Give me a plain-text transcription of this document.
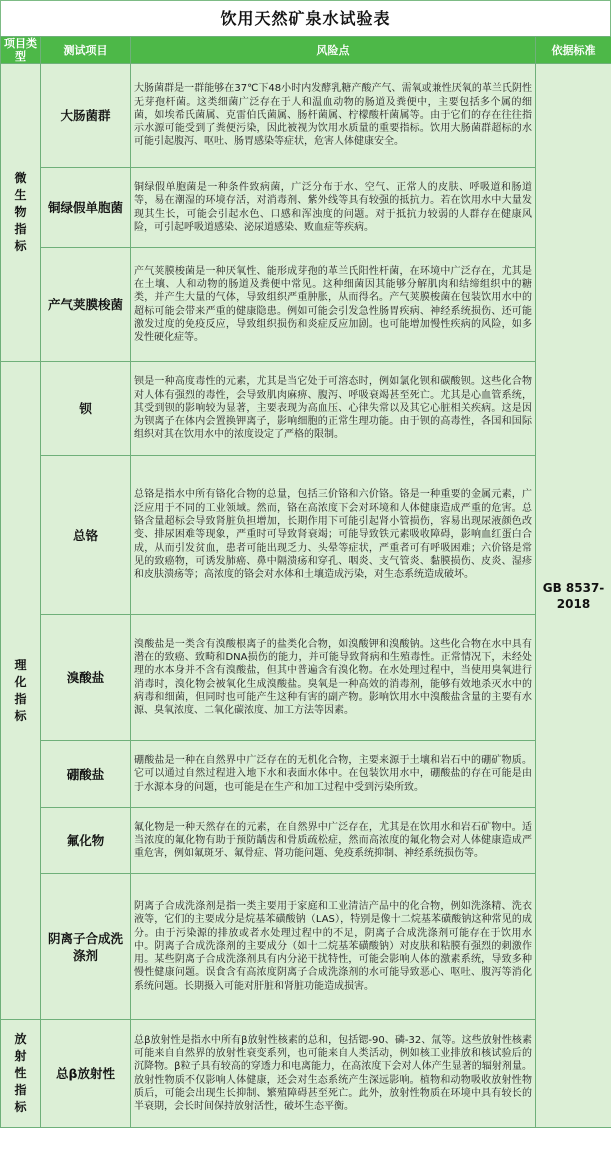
饮用天然矿泉水试验表
项目类型	测试项目	风险点	依据标准
微生物指标	大肠菌群	大肠菌群是一群能够在37℃下48小时内发酵乳糖产酸产气、需氧或兼性厌氧的革兰氏阴性无芽孢杆菌。这类细菌广泛存在于人和温血动物的肠道及粪便中，主要包括多个属的细菌，如埃希氏菌属、克雷伯氏菌属、肠杆菌属、柠檬酸杆菌属等。由于它们的存在往往指示水源可能受到了粪便污染，因此被视为饮用水质量的重要指标。饮用大肠菌群超标的水可能引起腹泻、呕吐、肠胃感染等症状，危害人体健康安全。	GB 8537-2018
	铜绿假单胞菌	铜绿假单胞菌是一种条件致病菌，广泛分布于水、空气、正常人的皮肤、呼吸道和肠道等，易在潮湿的环境存活，对消毒剂、紫外线等具有较强的抵抗力。若在饮用水中大量发现其生长，可能会引起水色、口感和浑浊度的问题。对于抵抗力较弱的人群存在健康风险，可引起呼吸道感染、泌尿道感染、败血症等疾病。	
	产气荚膜梭菌	产气荚膜梭菌是一种厌氧性、能形成芽孢的革兰氏阳性杆菌，在环境中广泛存在，尤其是在土壤、人和动物的肠道及粪便中常见。这种细菌因其能够分解肌肉和结缔组织中的糖类，并产生大量的气体，导致组织严重肿胀，从而得名。产气荚膜梭菌在包装饮用水中的超标可能会带来严重的健康隐患。例如可能会引发急性肠胃疾病、神经系统损伤、还可能激发过度的免疫反应，导致组织损伤和炎症反应加剧。也可能增加慢性疾病的风险，如多发性硬化症等。	
理化指标	钡	钡是一种高度毒性的元素，尤其是当它处于可溶态时，例如氯化钡和碳酸钡。这些化合物对人体有强烈的毒性，会导致肌肉麻痹、腹泻、呼吸衰竭甚至死亡。尤其是心血管系统，其受到钡的影响较为显著，主要表现为高血压、心律失常以及其它心脏相关疾病。这是因为钡离子在体内会置换钾离子，影响细胞的正常生理功能。由于钡的高毒性，各国和国际组织对其在饮用水中的浓度设定了严格的限制。	
	总铬	总铬是指水中所有铬化合物的总量，包括三价铬和六价铬。铬是一种重要的金属元素，广泛应用于不同的工业领域。然而，铬在高浓度下会对环境和人体健康造成严重的危害。总铬含量超标会导致肾脏负担增加，长期作用下可能引起肾小管损伤，容易出现尿液颜色改变、排尿困难等现象，严重时可导致肾衰竭；可能导致铁元素吸收障碍，影响血红蛋白合成，从而引发贫血，患者可能出现乏力、头晕等症状，严重者可有呼吸困难；六价铬是常见的致癌物，可诱发肺癌、鼻中隔溃疡和穿孔、咽炎、支气管炎、黏膜损伤、皮炎、湿疹和皮肤溃疡等；高浓度的铬会对水体和土壤造成污染，对生态系统造成破坏。	
	溴酸盐	溴酸盐是一类含有溴酸根离子的盐类化合物，如溴酸钾和溴酸钠。这些化合物在水中具有潜在的致癌、致畸和DNA损伤的能力，并可能导致肾病和生殖毒性。正常情况下，未经处理的水本身并不含有溴酸盐，但其中普遍含有溴化物。在水处理过程中，当使用臭氧进行消毒时，溴化物会被氧化生成溴酸盐。臭氧是一种高效的消毒剂，能够有效地杀灭水中的病毒和细菌，但同时也可能产生这种有害的副产物。影响饮用水中溴酸盐含量的主要有水源、臭氧浓度、二氧化碳浓度、加工方法等因素。	
	硼酸盐	硼酸盐是一种在自然界中广泛存在的无机化合物，主要来源于土壤和岩石中的硼矿物质。它可以通过自然过程进入地下水和表面水体中。在包装饮用水中，硼酸盐的存在可能是由于水源本身的问题，也可能是在生产和加工过程中受到污染所致。	
	氟化物	氟化物是一种天然存在的元素，在自然界中广泛存在，尤其是在饮用水和岩石矿物中。适当浓度的氟化物有助于预防龋齿和骨质疏松症，然而高浓度的氟化物会对人体健康造成严重危害，例如氟斑牙、氟骨症、肾功能问题、免疫系统抑制、神经系统损伤等。	
	阴离子合成洗涤剂	阴离子合成洗涤剂是指一类主要用于家庭和工业清洁产品中的化合物，例如洗涤精、洗衣液等，它们的主要成分是烷基苯磺酸钠（LAS），特别是像十二烷基苯磺酸钠这种常见的成分。由于污染源的排放或者水处理过程中的不足，阴离子合成洗涤剂可能存在于饮用水中。阴离子合成洗涤剂的主要成分（如十二烷基苯磺酸钠）对皮肤和粘膜有强烈的刺激作用。某些阴离子合成洗涤剂具有内分泌干扰特性，可能会影响人体的激素系统，导致多种慢性健康问题。误食含有高浓度阴离子合成洗涤剂的水可能导致恶心、呕吐、腹泻等消化系统问题。长期摄入可能对肝脏和肾脏功能造成损害。	
放射性指标	总β放射性	总β放射性是指水中所有β放射性核素的总和，包括锶-90、磷-32、氚等。这些放射性核素可能来自自然界的放射性衰变系列，也可能来自人类活动，例如核工业排放和核试验后的沉降物。β粒子具有较高的穿透力和电离能力，在高浓度下会对人体产生显著的辐射剂量。放射性物质不仅影响人体健康，还会对生态系统产生深远影响。植物和动物吸收放射性物质后，可能会出现生长抑制、繁殖障碍甚至死亡。此外，放射性物质在环境中具有较长的半衰期，会长时间保持放射活性，破坏生态平衡。	
